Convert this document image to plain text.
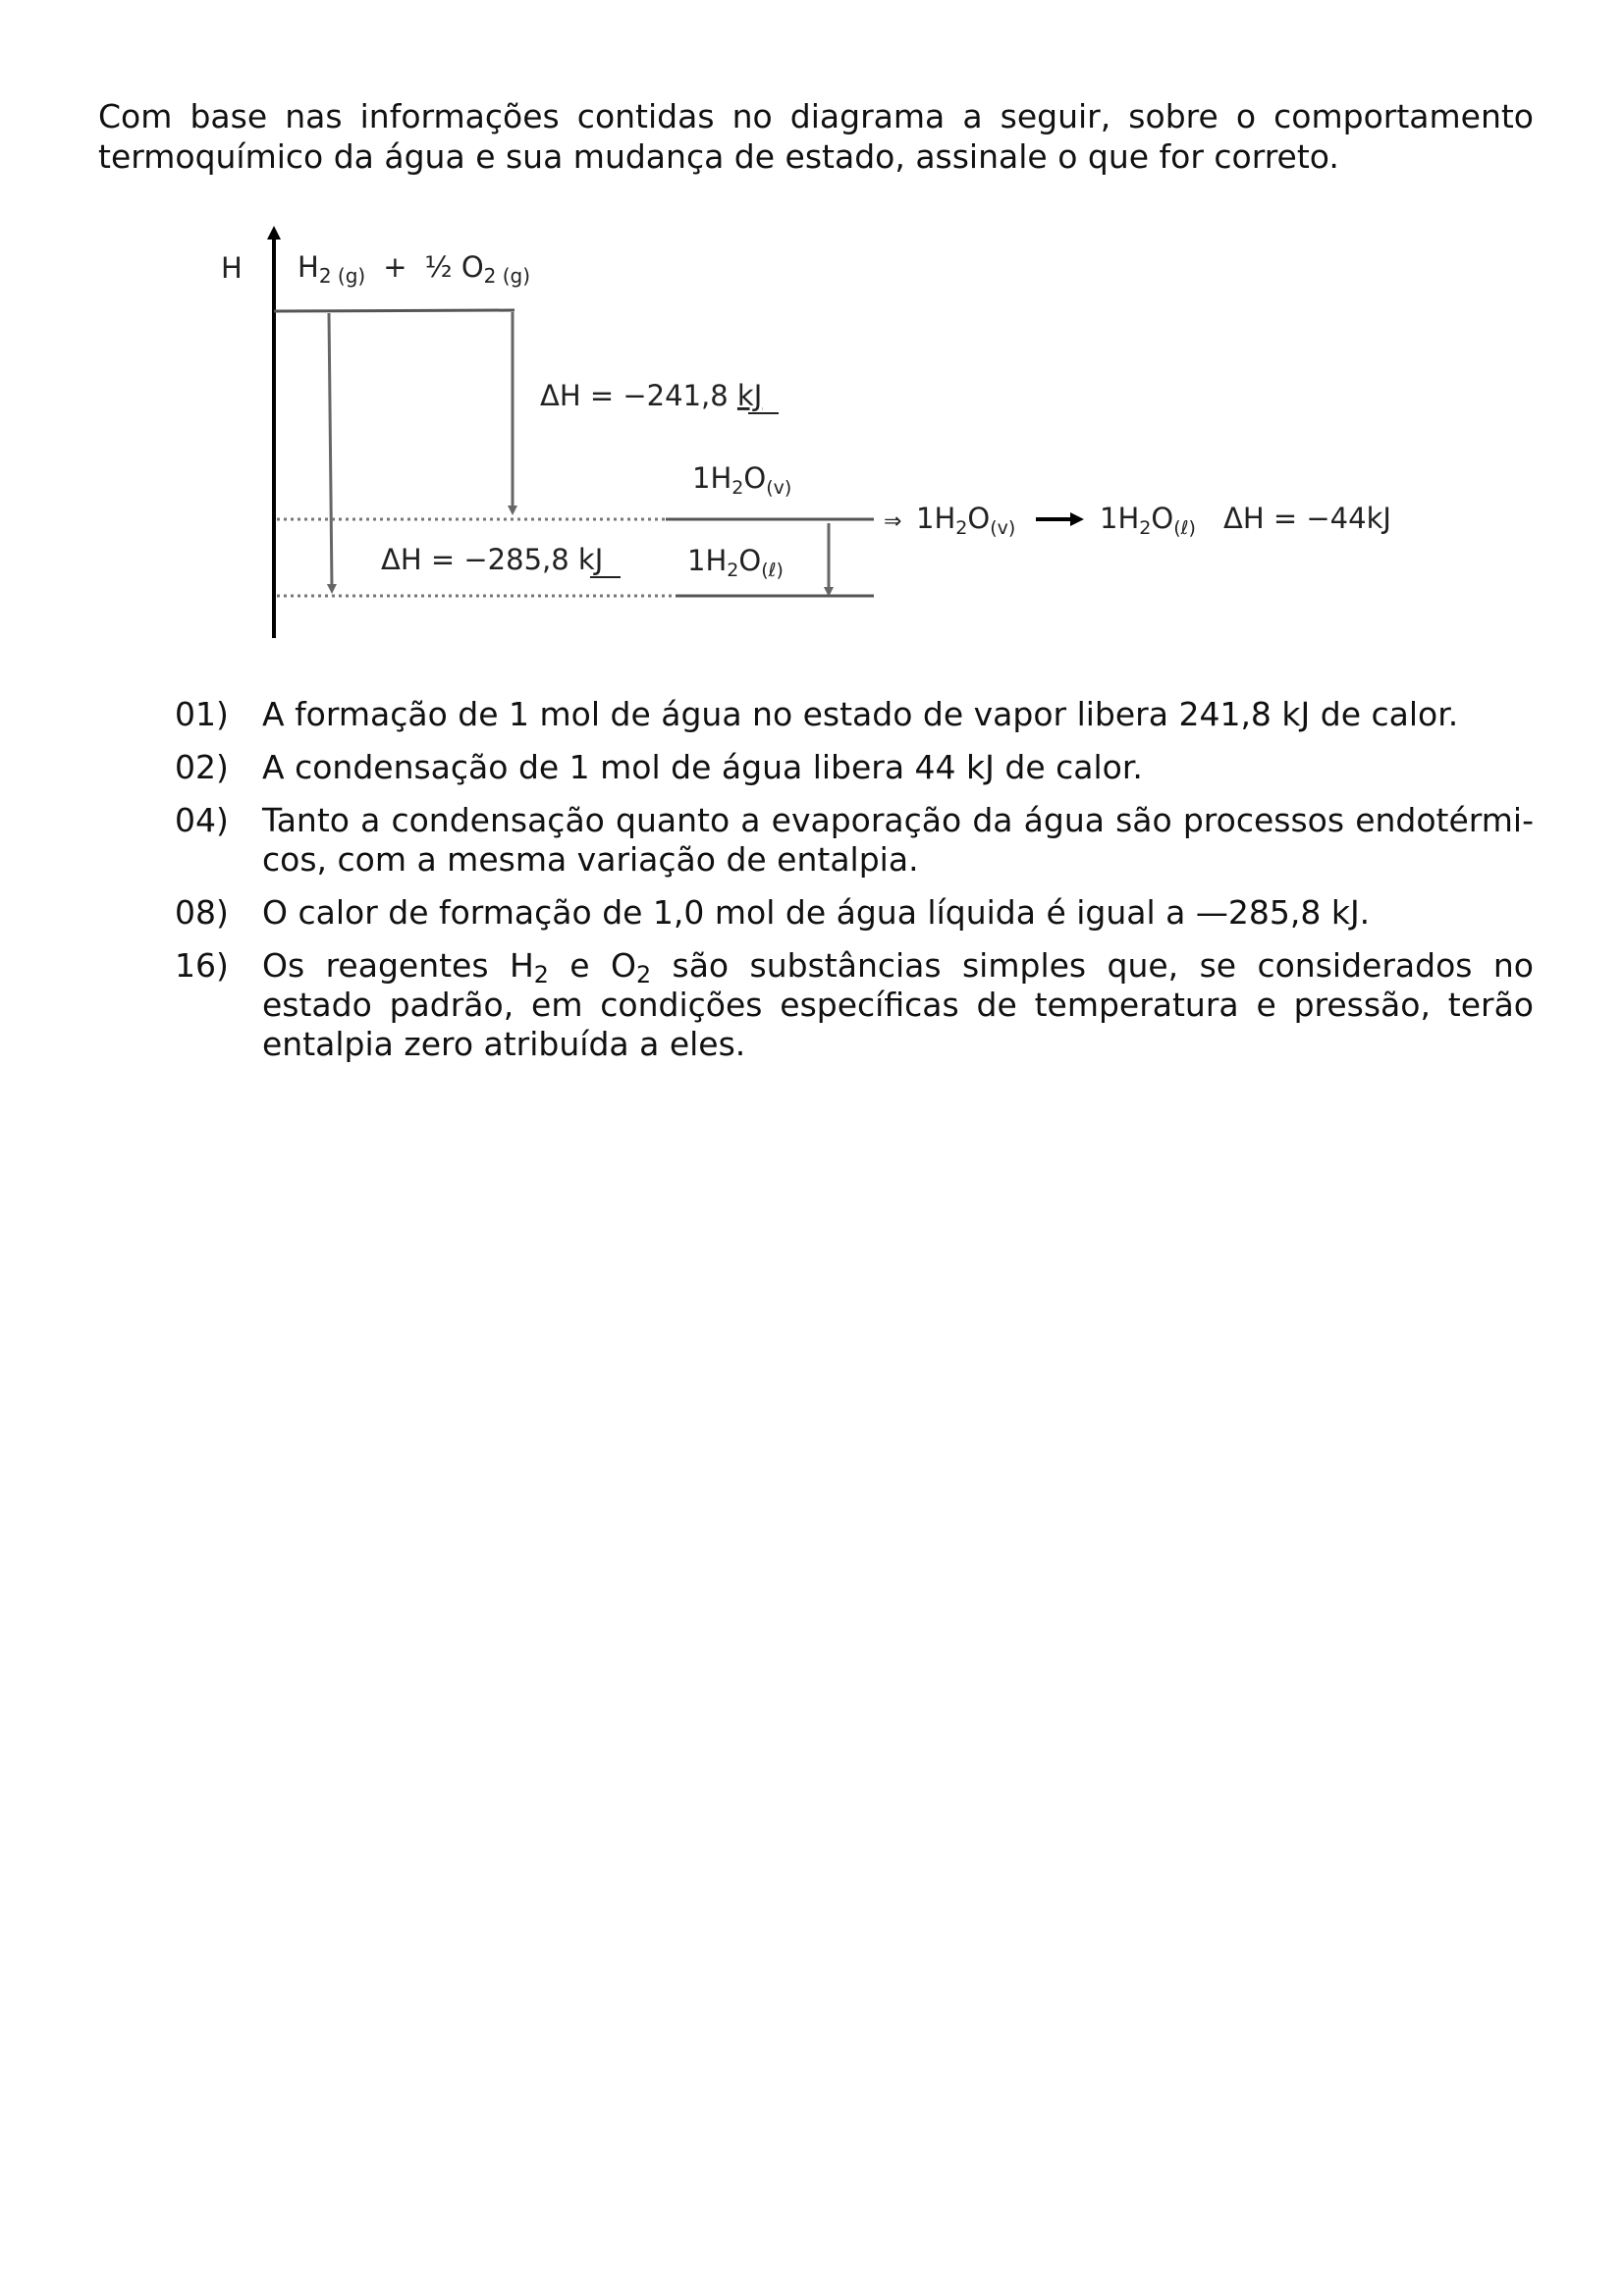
Com base nas informações contidas no diagrama a seguir, sobre o comportamento termoquímico da água e sua mudança de estado, assinale o que for correto.
H $H_{2 (g)}$ + ½ $O_{2 (g)}$
ΔH = −241,8 kJ
$1H_2O_{(v)}$
ΔH = −285,8 kJ	$1H_2O_{(\ell)}$
⇒ $1H_2O_{(v)}$	$1H_2O_{(\ell)}$ ΔH = −44kJ
01) A formação de 1 mol de água no estado de vapor libera 241,8 kJ de calor.
02) A condensação de 1 mol de água libera 44 kJ de calor.
04) Tanto a condensação quanto a evaporação da água são processos endotérmi-cos, com a mesma variação de entalpia.
08) O calor de formação de 1,0 mol de água líquida é igual a —285,8 kJ.
16) Os reagentes $H_2$ e $O_2$ são substâncias simples que, se considerados no estado padrão, em condições específicas de temperatura e pressão, terão entalpia zero atribuída a eles.
